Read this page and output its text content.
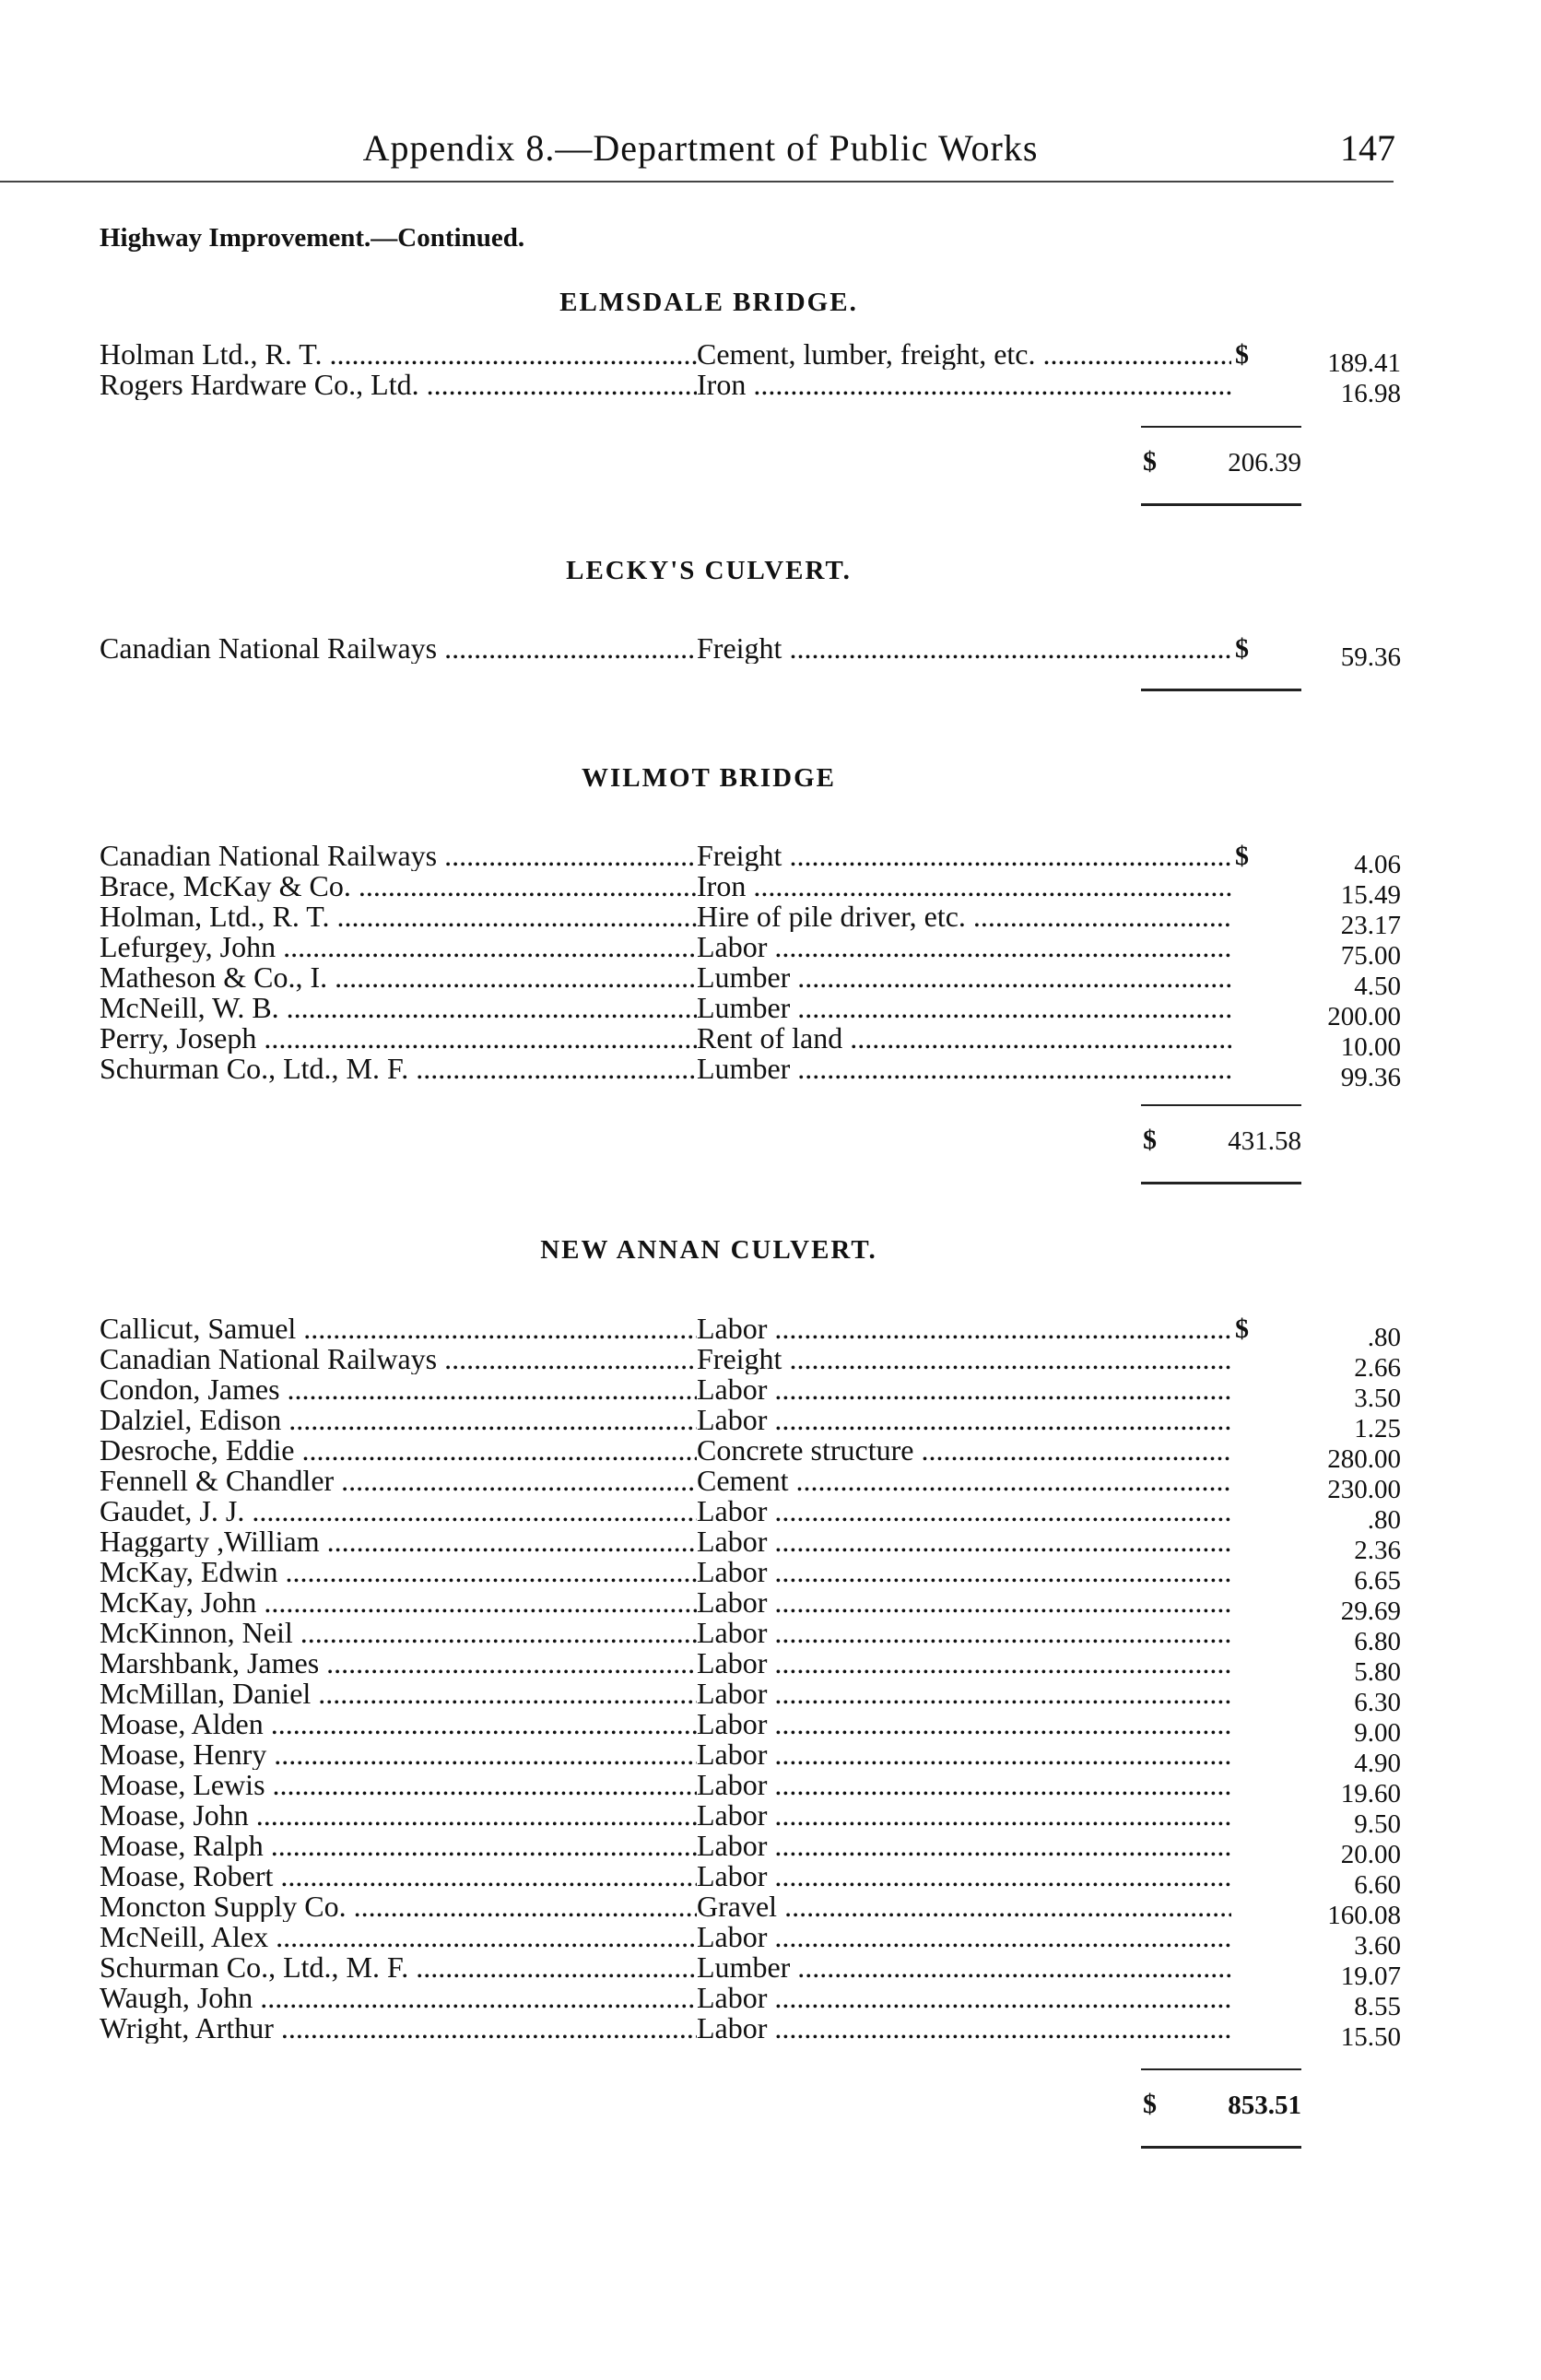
Appendix 8.—Department of Public Works	147
Highway Improvement.—Continued.
ELMSDALE BRIDGE.
Holman Ltd., R. T. .....	Cement, lumber, freight, etc. .....	$	189.41
Rogers Hardware Co., Ltd. .....	Iron .....	16.98
$	206.39
LECKY'S CULVERT.
Canadian National Railways .....	Freight .....	$	59.36
WILMOT BRIDGE
Canadian National Railways .....	Freight .....	$	4.06
Brace, McKay & Co. .....	Iron .....	15.49
Holman, Ltd., R. T. .....	Hire of pile driver, etc. .....	23.17
Lefurgey, John .....	Labor .....	75.00
Matheson & Co., I. .....	Lumber .....	4.50
McNeill, W. B. .....	Lumber .....	200.00
Perry, Joseph .....	Rent of land .....	10.00
Schurman Co., Ltd., M. F. .....	Lumber .....	99.36
$	431.58
NEW ANNAN CULVERT.
Callicut, Samuel .....	Labor .....	$	.80
Canadian National Railways .....	Freight .....	2.66
Condon, James .....	Labor .....	3.50
Dalziel, Edison .....	Labor .....	1.25
Desroche, Eddie .....	Concrete structure .....	280.00
Fennell & Chandler .....	Cement .....	230.00
Gaudet, J. J. .....	Labor .....	.80
Haggarty ,William .....	Labor .....	2.36
McKay, Edwin .....	Labor .....	6.65
McKay, John .....	Labor .....	29.69
McKinnon, Neil .....	Labor .....	6.80
Marshbank, James .....	Labor .....	5.80
McMillan, Daniel .....	Labor .....	6.30
Moase, Alden .....	Labor .....	9.00
Moase, Henry .....	Labor .....	4.90
Moase, Lewis .....	Labor .....	19.60
Moase, John .....	Labor .....	9.50
Moase, Ralph .....	Labor .....	20.00
Moase, Robert .....	Labor .....	6.60
Moncton Supply Co. .....	Gravel .....	160.08
McNeill, Alex .....	Labor .....	3.60
Schurman Co., Ltd., M. F. .....	Lumber .....	19.07
Waugh, John .....	Labor .....	8.55
Wright, Arthur .....	Labor .....	15.50
$	853.51
